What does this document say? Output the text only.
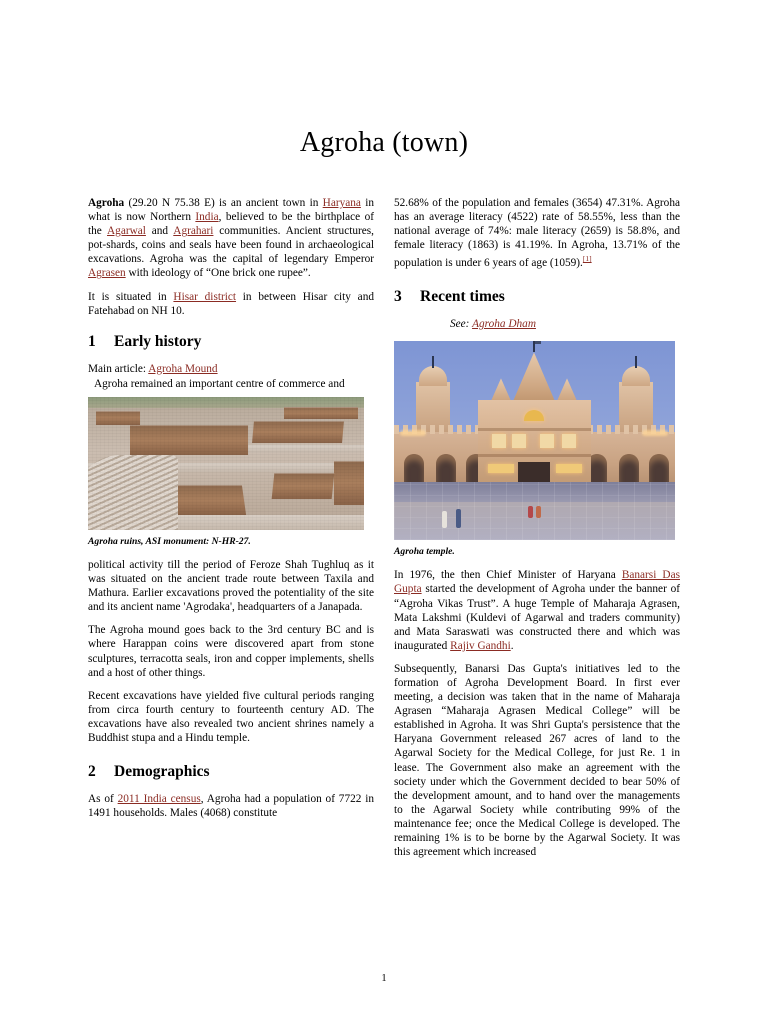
Agroha (town)

Agroha (29.20 N 75.38 E) is an ancient town in Haryana in what is now Northern India, believed to be the birthplace of the Agarwal and Agrahari communities. Ancient structures, pot-shards, coins and seals have been found in archaeological excavations. Agroha was the capital of legendary Emperor Agrasen with ideology of “One brick one rupee”.

It is situated in Hisar district in between Hisar city and Fatehabad on NH 10.

1 Early history

Main article: Agroha Mound

Agroha remained an important centre of commerce and

Agroha ruins, ASI monument: N-HR-27.

political activity till the period of Feroze Shah Tughluq as it was situated on the ancient trade route between Taxila and Mathura. Earlier excavations proved the potentiality of the site and its ancient name 'Agrodaka', headquarters of a Janapada.

The Agroha mound goes back to the 3rd century BC and is where Harappan coins were discovered apart from stone sculptures, terracotta seals, iron and copper implements, shells and a host of other things.

Recent excavations have yielded five cultural periods ranging from circa fourth century to fourteenth century AD. The excavations have also revealed two ancient shrines namely a Buddhist stupa and a Hindu temple.

2 Demographics

As of 2011 India census, Agroha had a population of 7722 in 1491 households. Males (4068) constitute

52.68% of the population and females (3654) 47.31%. Agroha has an average literacy (4522) rate of 58.55%, less than the national average of 74%: male literacy (2659) is 58.8%, and female literacy (1863) is 41.19%. In Agroha, 13.71% of the population is under 6 years of age (1059).[1]

3 Recent times

See: Agroha Dham

Agroha temple.

In 1976, the then Chief Minister of Haryana Banarsi Das Gupta started the development of Agroha under the banner of “Agroha Vikas Trust”. A huge Temple of Maharaja Agrasen, Mata Lakshmi (Kuldevi of Agarwal and traders community) and Mata Saraswati was constructed there and which was inaugurated Rajiv Gandhi.

Subsequently, Banarsi Das Gupta's initiatives led to the formation of Agroha Development Board. In first ever meeting, a decision was taken that in the name of Maharaja Agrasen “Maharaja Agrasen Medical College” will be established in Agroha. It was Shri Gupta's persistence that the Haryana Government released 267 acres of land to the Agarwal Society for the Medical College, for just Re. 1 in lease. The Government also make an agreement with the society under which the Government decided to bear 50% of the development amount, and to hand over the managements to the Agarwal Society while contributing 99% of the maintenance fee; once the Medical College is developed. The remaining 1% is to be borne by the Agarwal Society. It was this agreement which increased

1
